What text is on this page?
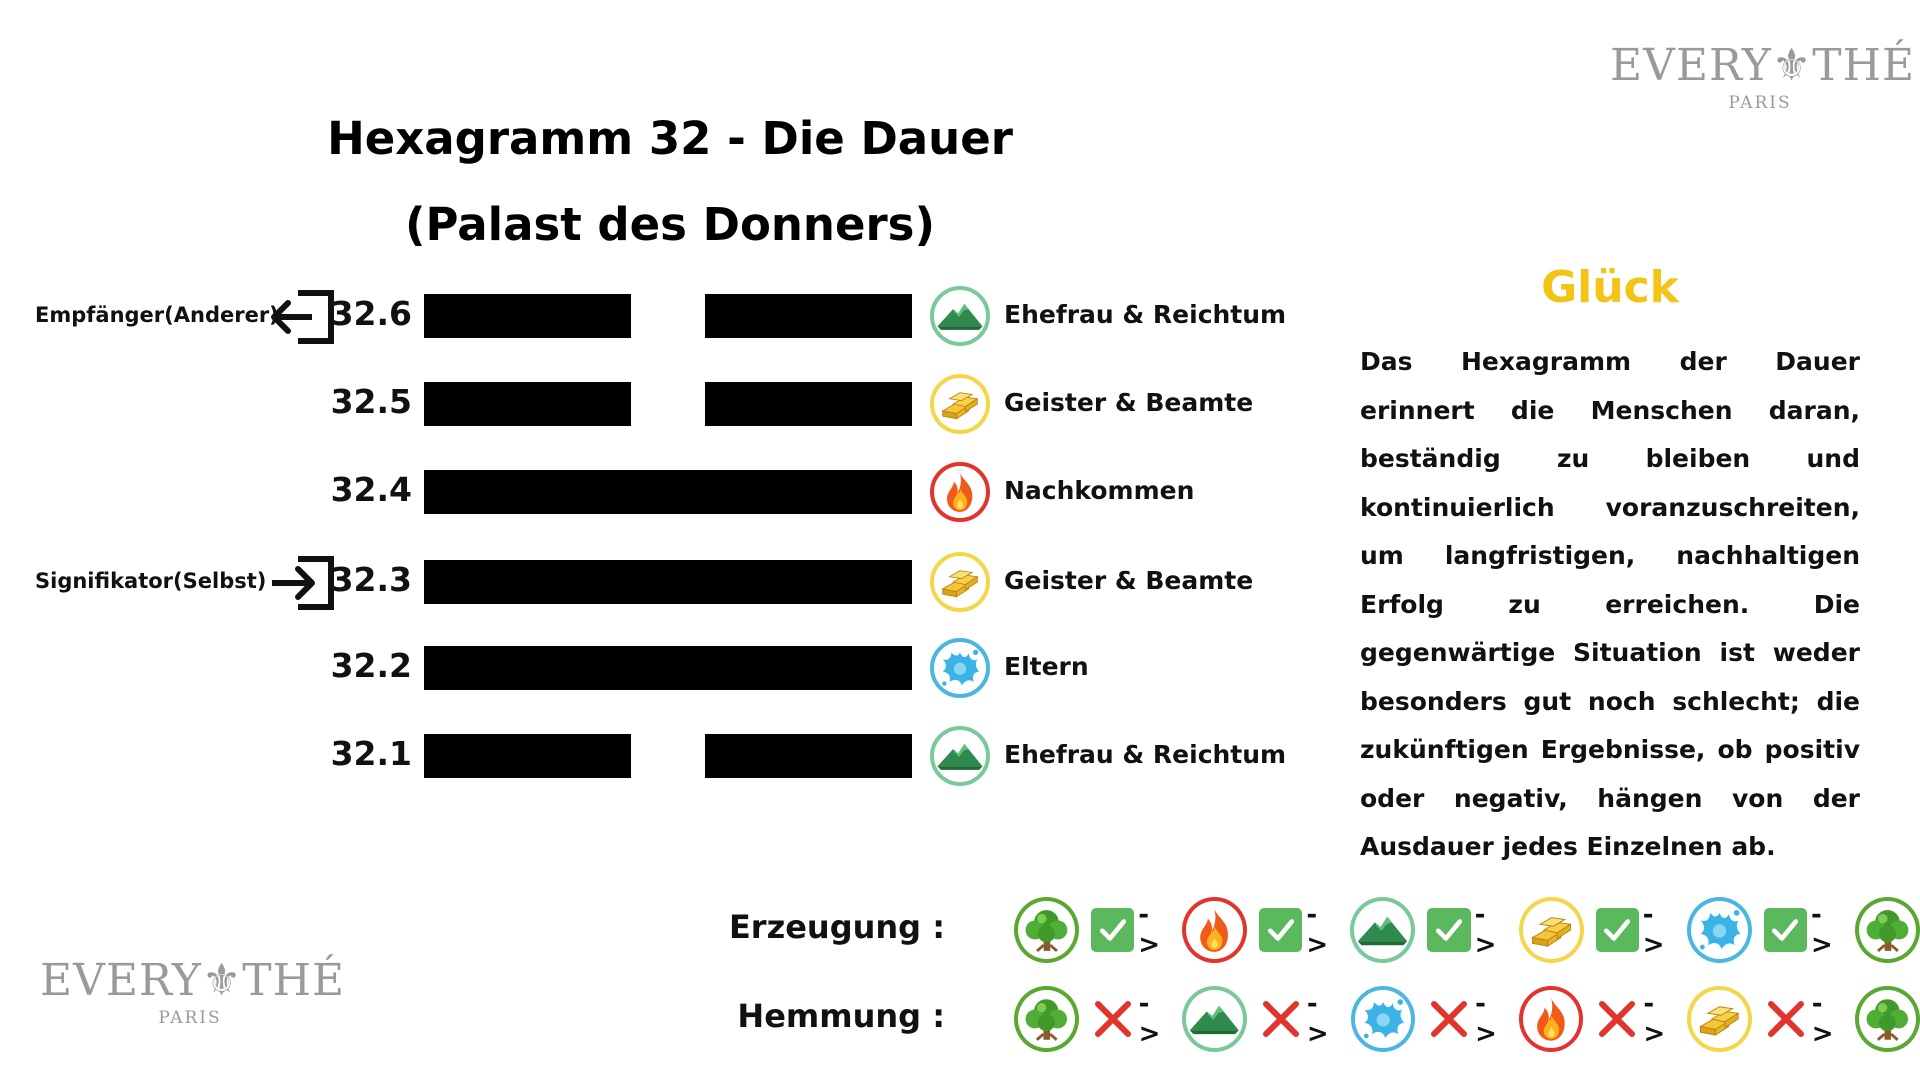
Hexagramm 32 - Die Dauer
(Palast des Donners)
EVERY⚜THÉ
PARIS
EVERY⚜THÉ
PARIS
Empfänger(Anderer)
Signifikator(Selbst)
32.6	Ehefrau & Reichtum
32.5	Geister & Beamte
32.4	Nachkommen
32.3	Geister & Beamte
32.2	Eltern
32.1	Ehefrau & Reichtum
Glück
Das Hexagramm der Dauer erinnert die Menschen daran, beständig zu bleiben und kontinuierlich voranzuschreiten, um langfristigen, nachhaltigen Erfolg zu erreichen. Die gegenwärtige Situation ist weder besonders gut noch schlecht; die zukünftigen Ergebnisse, ob positiv oder negativ, hängen von der Ausdauer jedes Einzelnen ab.
Erzeugung :	->
->
->
->
->
Hemmung :	->
->
->
->
->
